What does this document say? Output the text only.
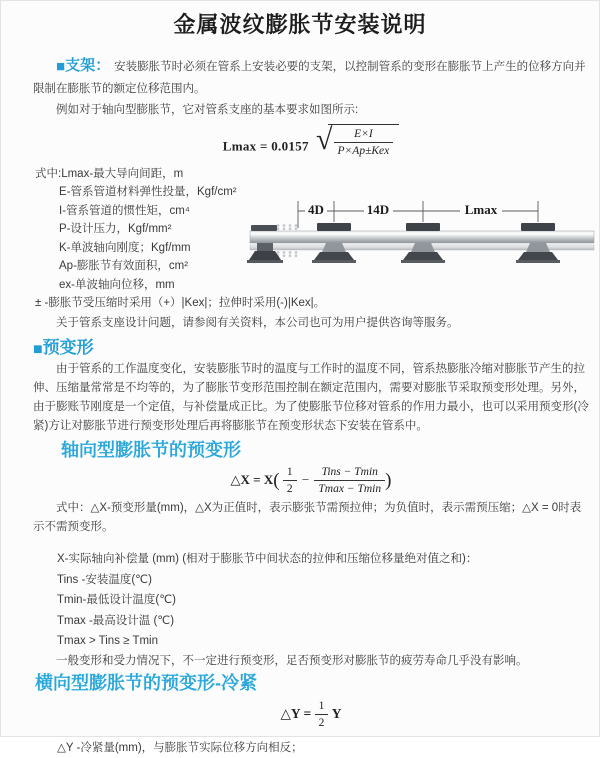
金属波纹膨胀节安装说明

■支架： 安装膨胀节时必须在管系上安装必要的支架，以控制管系的变形在膨胀节上产生的位移方向并限制在膨胀节的额定位移范围内。

例如对于轴向型膨胀节，它对管系支座的基本要求如图所示:

Lmax = 0.0157 √ $\frac{E\times I}{\text{P×Ap±Kex}}$
式中:Lmax-最大导向间距，m
E-管系管道材料弹性投量，Kgf/cm²
I-管系管道的惯性矩，cm⁴
P-设计压力，Kgf/mm²
K-单波轴向刚度；Kgf/mm
Ap-膨胀节有效面积，cm²
ex-单波轴向位移，mm
± -膨胀节受压缩时采用（+）|Kex|；拉伸时采用(-)|Kex|。

关于管系支座设计问题，请参阅有关资料，本公司也可为用户提供咨询等服务。

4D	14D	Lmax
■预变形

由于管系的工作温度变化，安装膨胀节时的温度与工作时的温度不同，管系热膨胀冷缩对膨胀节产生的拉伸、压缩量常常是不均等的，为了膨胀节变形范围控制在额定范围内，需要对膨胀节采取预变形处理。另外，由于膨账节刚度是一个定值，与补偿量成正比。为了使膨胀节位移对管系的作用力最小，也可以采用预变形(冷紧)方让对膨胀节进行预变形处理后再将膨胀节在预变形状态下安装在管系中。

轴向型膨胀节的预变形
△X = $X( \frac{1}{2} - \frac{\text{Tins − Tmin}}{Tmax - Tmin}$ )

式中：△X-预变形量(mm)，△X为正值时，表示膨张节需预拉伸；为负值时，表示需预压缩；△X = 0时表示不需预变形。

X-实际轴向补偿量 (mm) (相对于膨胀节中间状态的拉伸和压缩位移量绝对值之和)：
Tins -安装温度(℃)
Tmin-最低设计温度(℃)
Tmax -最高设计温 (℃)
Tmax > Tins ≥ Tmin

一般变形和受力情况下，不一定进行预变形，足否预变形对膨胀节的疲劳寿命几乎没有影响。

横向型膨胀节的预变形-冷紧
△Y = $\frac{1}{2}$ Y
△Y -冷紧量(mm)，与膨胀节实际位移方向相反；
